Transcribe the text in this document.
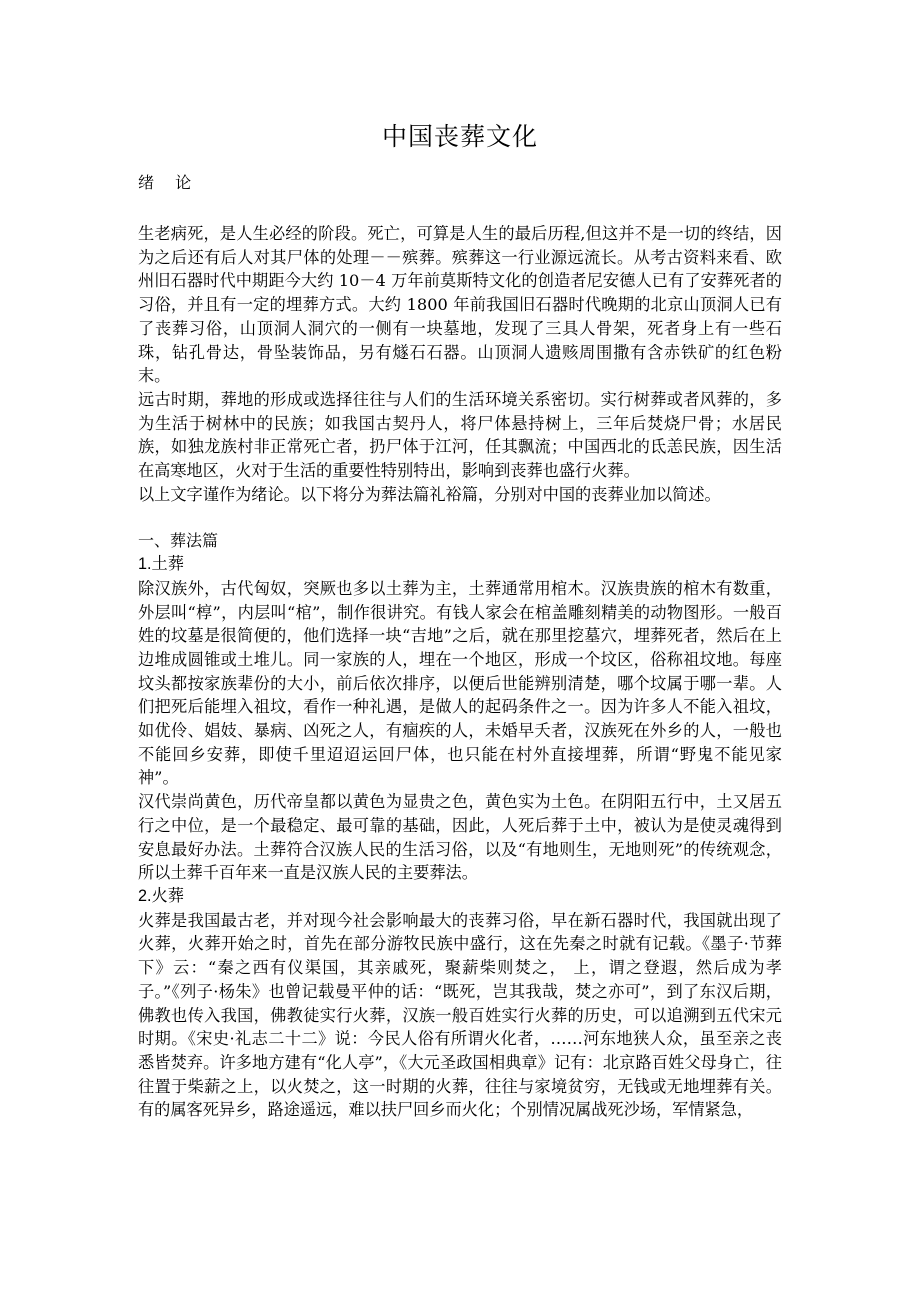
中国丧葬文化

绪 论

生老病死，是人生必经的阶段。死亡，可算是人生的最后历程,但这并不是一切的终结，因为之后还有后人对其尸体的处理－－殡葬。殡葬这一行业源远流长。从考古资料来看、欧州旧石器时代中期距今大约 10－4 万年前莫斯特文化的创造者尼安德人已有了安葬死者的习俗，并且有一定的埋葬方式。大约 1800 年前我国旧石器时代晚期的北京山顶洞人已有了丧葬习俗，山顶洞人洞穴的一侧有一块墓地，发现了三具人骨架，死者身上有一些石珠，钻孔骨达，骨坠装饰品，另有燧石石器。山顶洞人遗赅周围撒有含赤铁矿的红色粉末。

远古时期，葬地的形成或选择往往与人们的生活环境关系密切。实行树葬或者风葬的，多为生活于树林中的民族；如我国古契丹人，将尸体悬持树上，三年后焚烧尸骨；水居民族，如独龙族村非正常死亡者，扔尸体于江河，任其飘流；中国西北的氐恙民族，因生活在高寒地区，火对于生活的重要性特别特出，影响到丧葬也盛行火葬。

以上文字谨作为绪论。以下将分为葬法篇礼裕篇，分别对中国的丧葬业加以简述。

一、葬法篇

1.土葬

除汉族外，古代匈奴，突厥也多以土葬为主，土葬通常用棺木。汉族贵族的棺木有数重，外层叫“椁”，内层叫“棺”，制作很讲究。有钱人家会在棺盖雕刻精美的动物图形。一般百姓的坟墓是很简便的，他们选择一块“吉地”之后，就在那里挖墓穴，埋葬死者，然后在上边堆成圆锥或土堆儿。同一家族的人，埋在一个地区，形成一个坟区，俗称祖坟地。每座坟头都按家族辈份的大小，前后依次排序，以便后世能辨别清楚，哪个坟属于哪一辈。人们把死后能埋入祖坟，看作一种礼遇，是做人的起码条件之一。因为许多人不能入祖坟，如优伶、娼妓、暴病、凶死之人，有痼疾的人，未婚早夭者，汉族死在外乡的人，一般也不能回乡安葬，即使千里迢迢运回尸体，也只能在村外直接埋葬，所谓“野鬼不能见家神”。

汉代崇尚黄色，历代帝皇都以黄色为显贵之色，黄色实为土色。在阴阳五行中，土又居五行之中位，是一个最稳定、最可靠的基础，因此，人死后葬于土中，被认为是使灵魂得到安息最好办法。土葬符合汉族人民的生活习俗，以及“有地则生，无地则死”的传统观念，所以土葬千百年来一直是汉族人民的主要葬法。

2.火葬

火葬是我国最古老，并对现今社会影响最大的丧葬习俗，早在新石器时代，我国就出现了火葬，火葬开始之时，首先在部分游牧民族中盛行，这在先秦之时就有记载。《墨子·节葬下》云：“秦之西有仪渠国，其亲戚死，聚薪柴则焚之， 上，谓之登遐，然后成为孝子。”《列子·杨朱》也曾记载曼平仲的话：“既死，岂其我哉，焚之亦可”，到了东汉后期，佛教也传入我国，佛教徒实行火葬，汉族一般百姓实行火葬的历史，可以追溯到五代宋元时期。《宋史·礼志二十二》说：今民人俗有所谓火化者，……河东地狭人众，虽至亲之丧悉皆焚弃。许多地方建有“化人亭”，《大元圣政国相典章》记有：北京路百姓父母身亡，往往置于柴薪之上，以火焚之，这一时期的火葬，往往与家境贫穷，无钱或无地埋葬有关。有的属客死异乡，路途遥远，难以扶尸回乡而火化；个别情况属战死沙场，军情紧急，
